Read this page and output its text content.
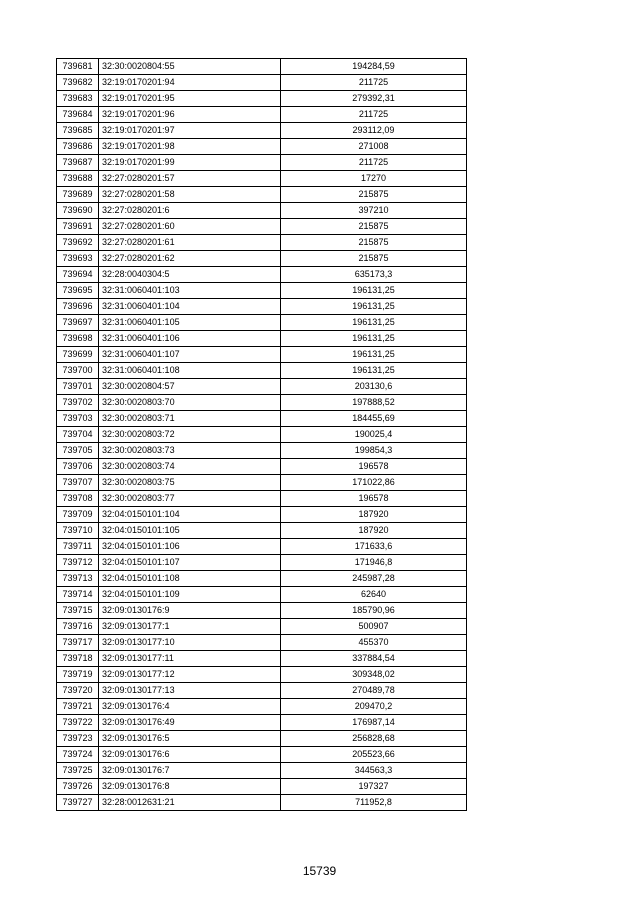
739681	32:30:0020804:55	194284,59
739682	32:19:0170201:94	211725
739683	32:19:0170201:95	279392,31
739684	32:19:0170201:96	211725
739685	32:19:0170201:97	293112,09
739686	32:19:0170201:98	271008
739687	32:19:0170201:99	211725
739688	32:27:0280201:57	17270
739689	32:27:0280201:58	215875
739690	32:27:0280201:6	397210
739691	32:27:0280201:60	215875
739692	32:27:0280201:61	215875
739693	32:27:0280201:62	215875
739694	32:28:0040304:5	635173,3
739695	32:31:0060401:103	196131,25
739696	32:31:0060401:104	196131,25
739697	32:31:0060401:105	196131,25
739698	32:31:0060401:106	196131,25
739699	32:31:0060401:107	196131,25
739700	32:31:0060401:108	196131,25
739701	32:30:0020804:57	203130,6
739702	32:30:0020803:70	197888,52
739703	32:30:0020803:71	184455,69
739704	32:30:0020803:72	190025,4
739705	32:30:0020803:73	199854,3
739706	32:30:0020803:74	196578
739707	32:30:0020803:75	171022,86
739708	32:30:0020803:77	196578
739709	32:04:0150101:104	187920
739710	32:04:0150101:105	187920
739711	32:04:0150101:106	171633,6
739712	32:04:0150101:107	171946,8
739713	32:04:0150101:108	245987,28
739714	32:04:0150101:109	62640
739715	32:09:0130176:9	185790,96
739716	32:09:0130177:1	500907
739717	32:09:0130177:10	455370
739718	32:09:0130177:11	337884,54
739719	32:09:0130177:12	309348,02
739720	32:09:0130177:13	270489,78
739721	32:09:0130176:4	209470,2
739722	32:09:0130176:49	176987,14
739723	32:09:0130176:5	256828,68
739724	32:09:0130176:6	205523,66
739725	32:09:0130176:7	344563,3
739726	32:09:0130176:8	197327
739727	32:28:0012631:21	711952,8
15739
